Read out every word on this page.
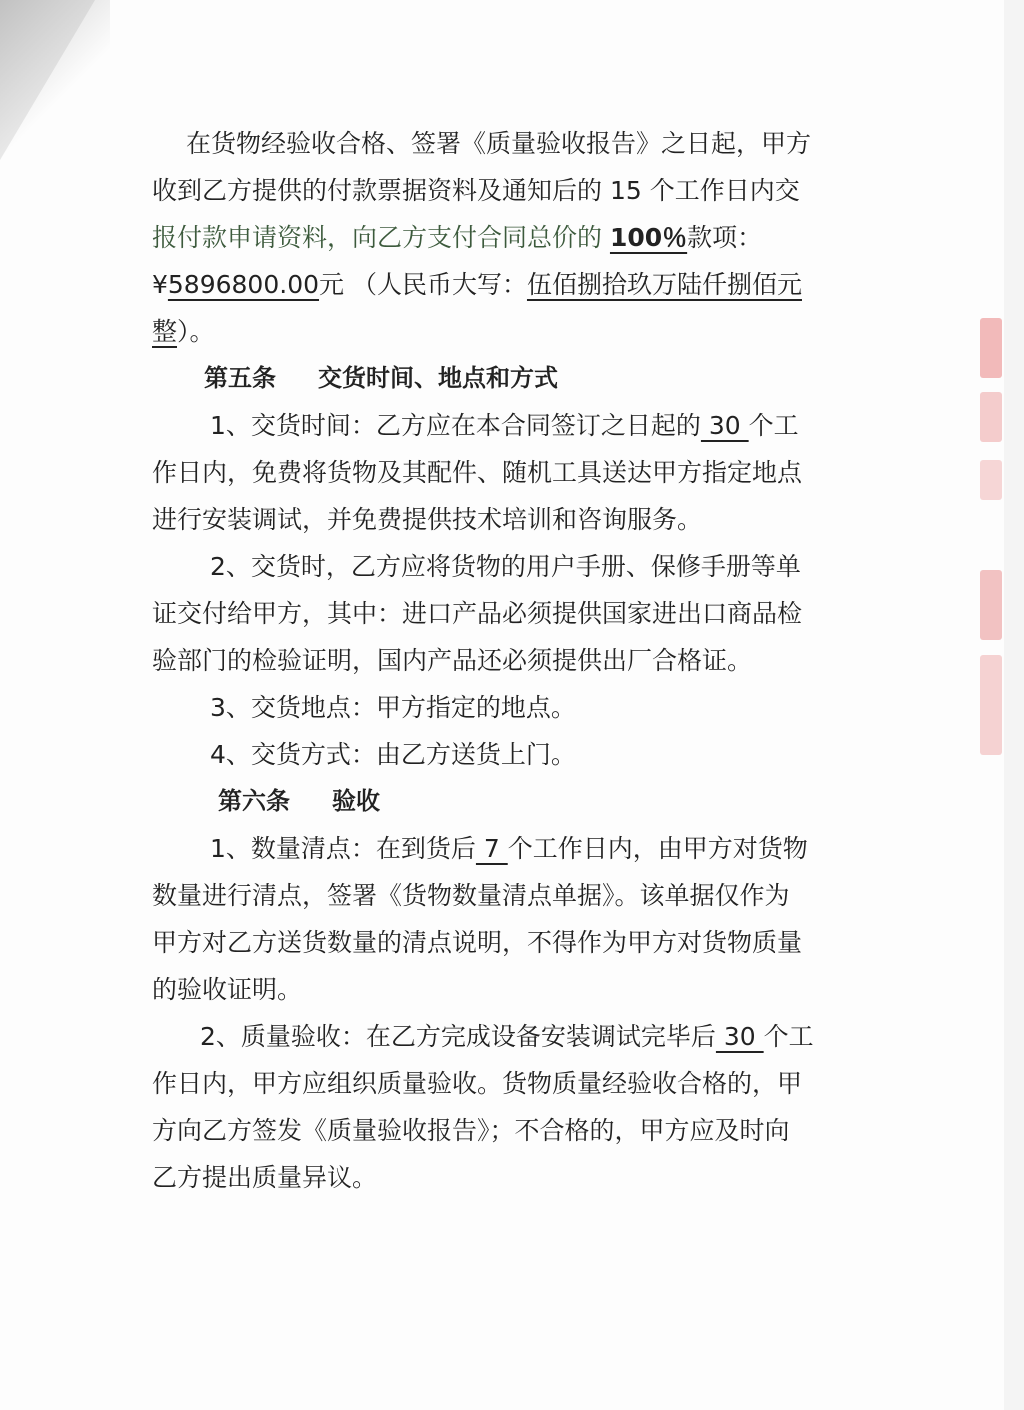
在货物经验收合格、签署《质量验收报告》之日起，甲方
收到乙方提供的付款票据资料及通知后的 15 个工作日内交
报付款申请资料，向乙方支付合同总价的 100％款项：
¥5896800.00元 （人民币大写：伍佰捌拾玖万陆仟捌佰元
整）。
第五条 交货时间、地点和方式
1、交货时间：乙方应在本合同签订之日起的 30 个工
作日内，免费将货物及其配件、随机工具送达甲方指定地点
进行安装调试，并免费提供技术培训和咨询服务。
2、交货时，乙方应将货物的用户手册、保修手册等单
证交付给甲方，其中：进口产品必须提供国家进出口商品检
验部门的检验证明，国内产品还必须提供出厂合格证。
3、交货地点：甲方指定的地点。
4、交货方式：由乙方送货上门。
第六条 验收
1、数量清点：在到货后 7 个工作日内，由甲方对货物
数量进行清点，签署《货物数量清点单据》。该单据仅作为
甲方对乙方送货数量的清点说明，不得作为甲方对货物质量
的验收证明。
2、质量验收：在乙方完成设备安装调试完毕后 30 个工
作日内，甲方应组织质量验收。货物质量经验收合格的，甲
方向乙方签发《质量验收报告》；不合格的，甲方应及时向
乙方提出质量异议。
